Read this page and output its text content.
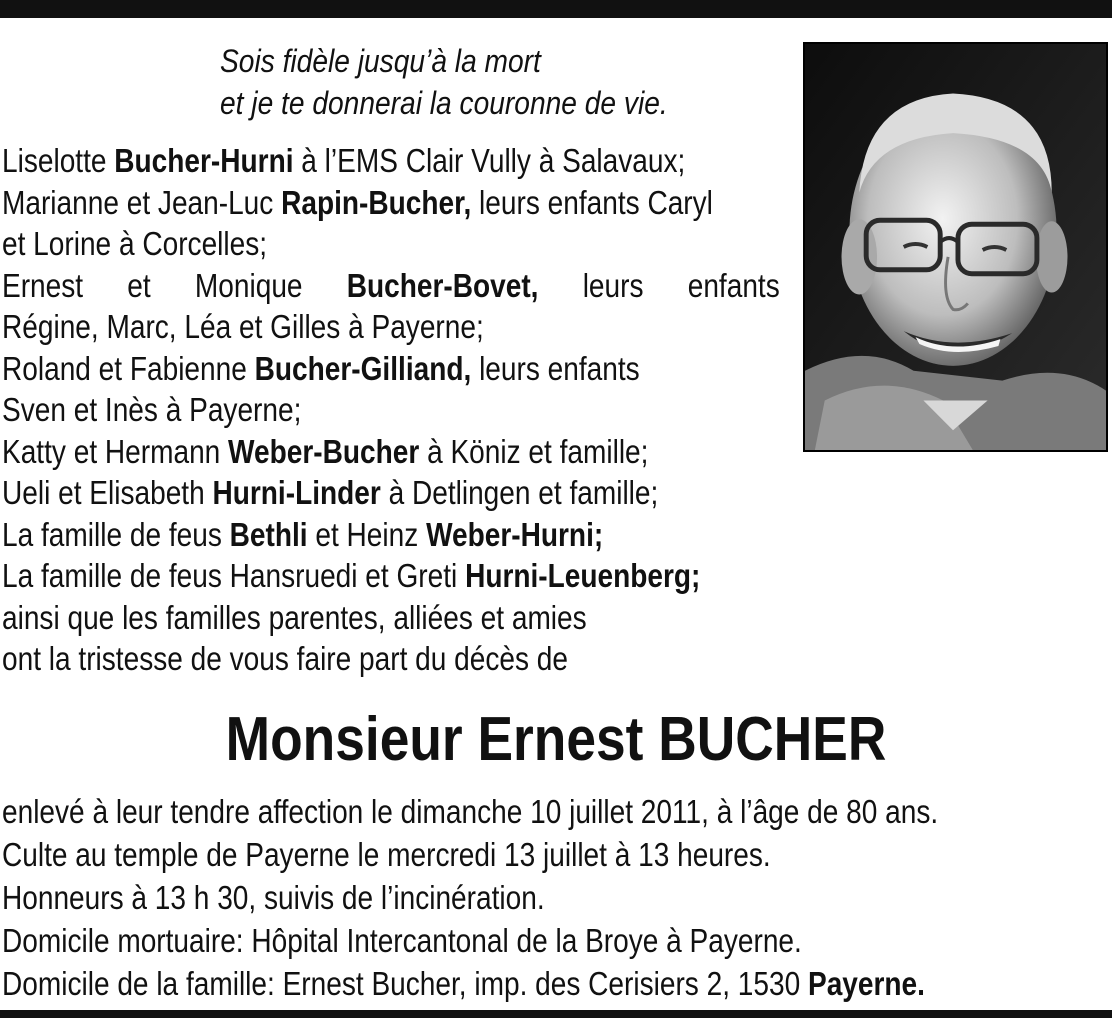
Sois fidèle jusqu’à la mort
et je te donnerai la couronne de vie.
Liselotte Bucher-Hurni à l’EMS Clair Vully à Salavaux;
Marianne et Jean-Luc Rapin-Bucher, leurs enfants Caryl
et Lorine à Corcelles;
Ernest et Monique Bucher-Bovet, leurs enfants
Régine, Marc, Léa et Gilles à Payerne;
Roland et Fabienne Bucher-Gilliand, leurs enfants
Sven et Inès à Payerne;
Katty et Hermann Weber-Bucher à Köniz et famille;
Ueli et Elisabeth Hurni-Linder à Detlingen et famille;
La famille de feus Bethli et Heinz Weber-Hurni;
La famille de feus Hansruedi et Greti Hurni-Leuenberg;
ainsi que les familles parentes, alliées et amies
ont la tristesse de vous faire part du décès de
Monsieur Ernest BUCHER
enlevé à leur tendre affection le dimanche 10 juillet 2011, à l’âge de 80 ans.
Culte au temple de Payerne le mercredi 13 juillet à 13 heures.
Honneurs à 13 h 30, suivis de l’incinération.
Domicile mortuaire: Hôpital Intercantonal de la Broye à Payerne.
Domicile de la famille: Ernest Bucher, imp. des Cerisiers 2, 1530 Payerne.
